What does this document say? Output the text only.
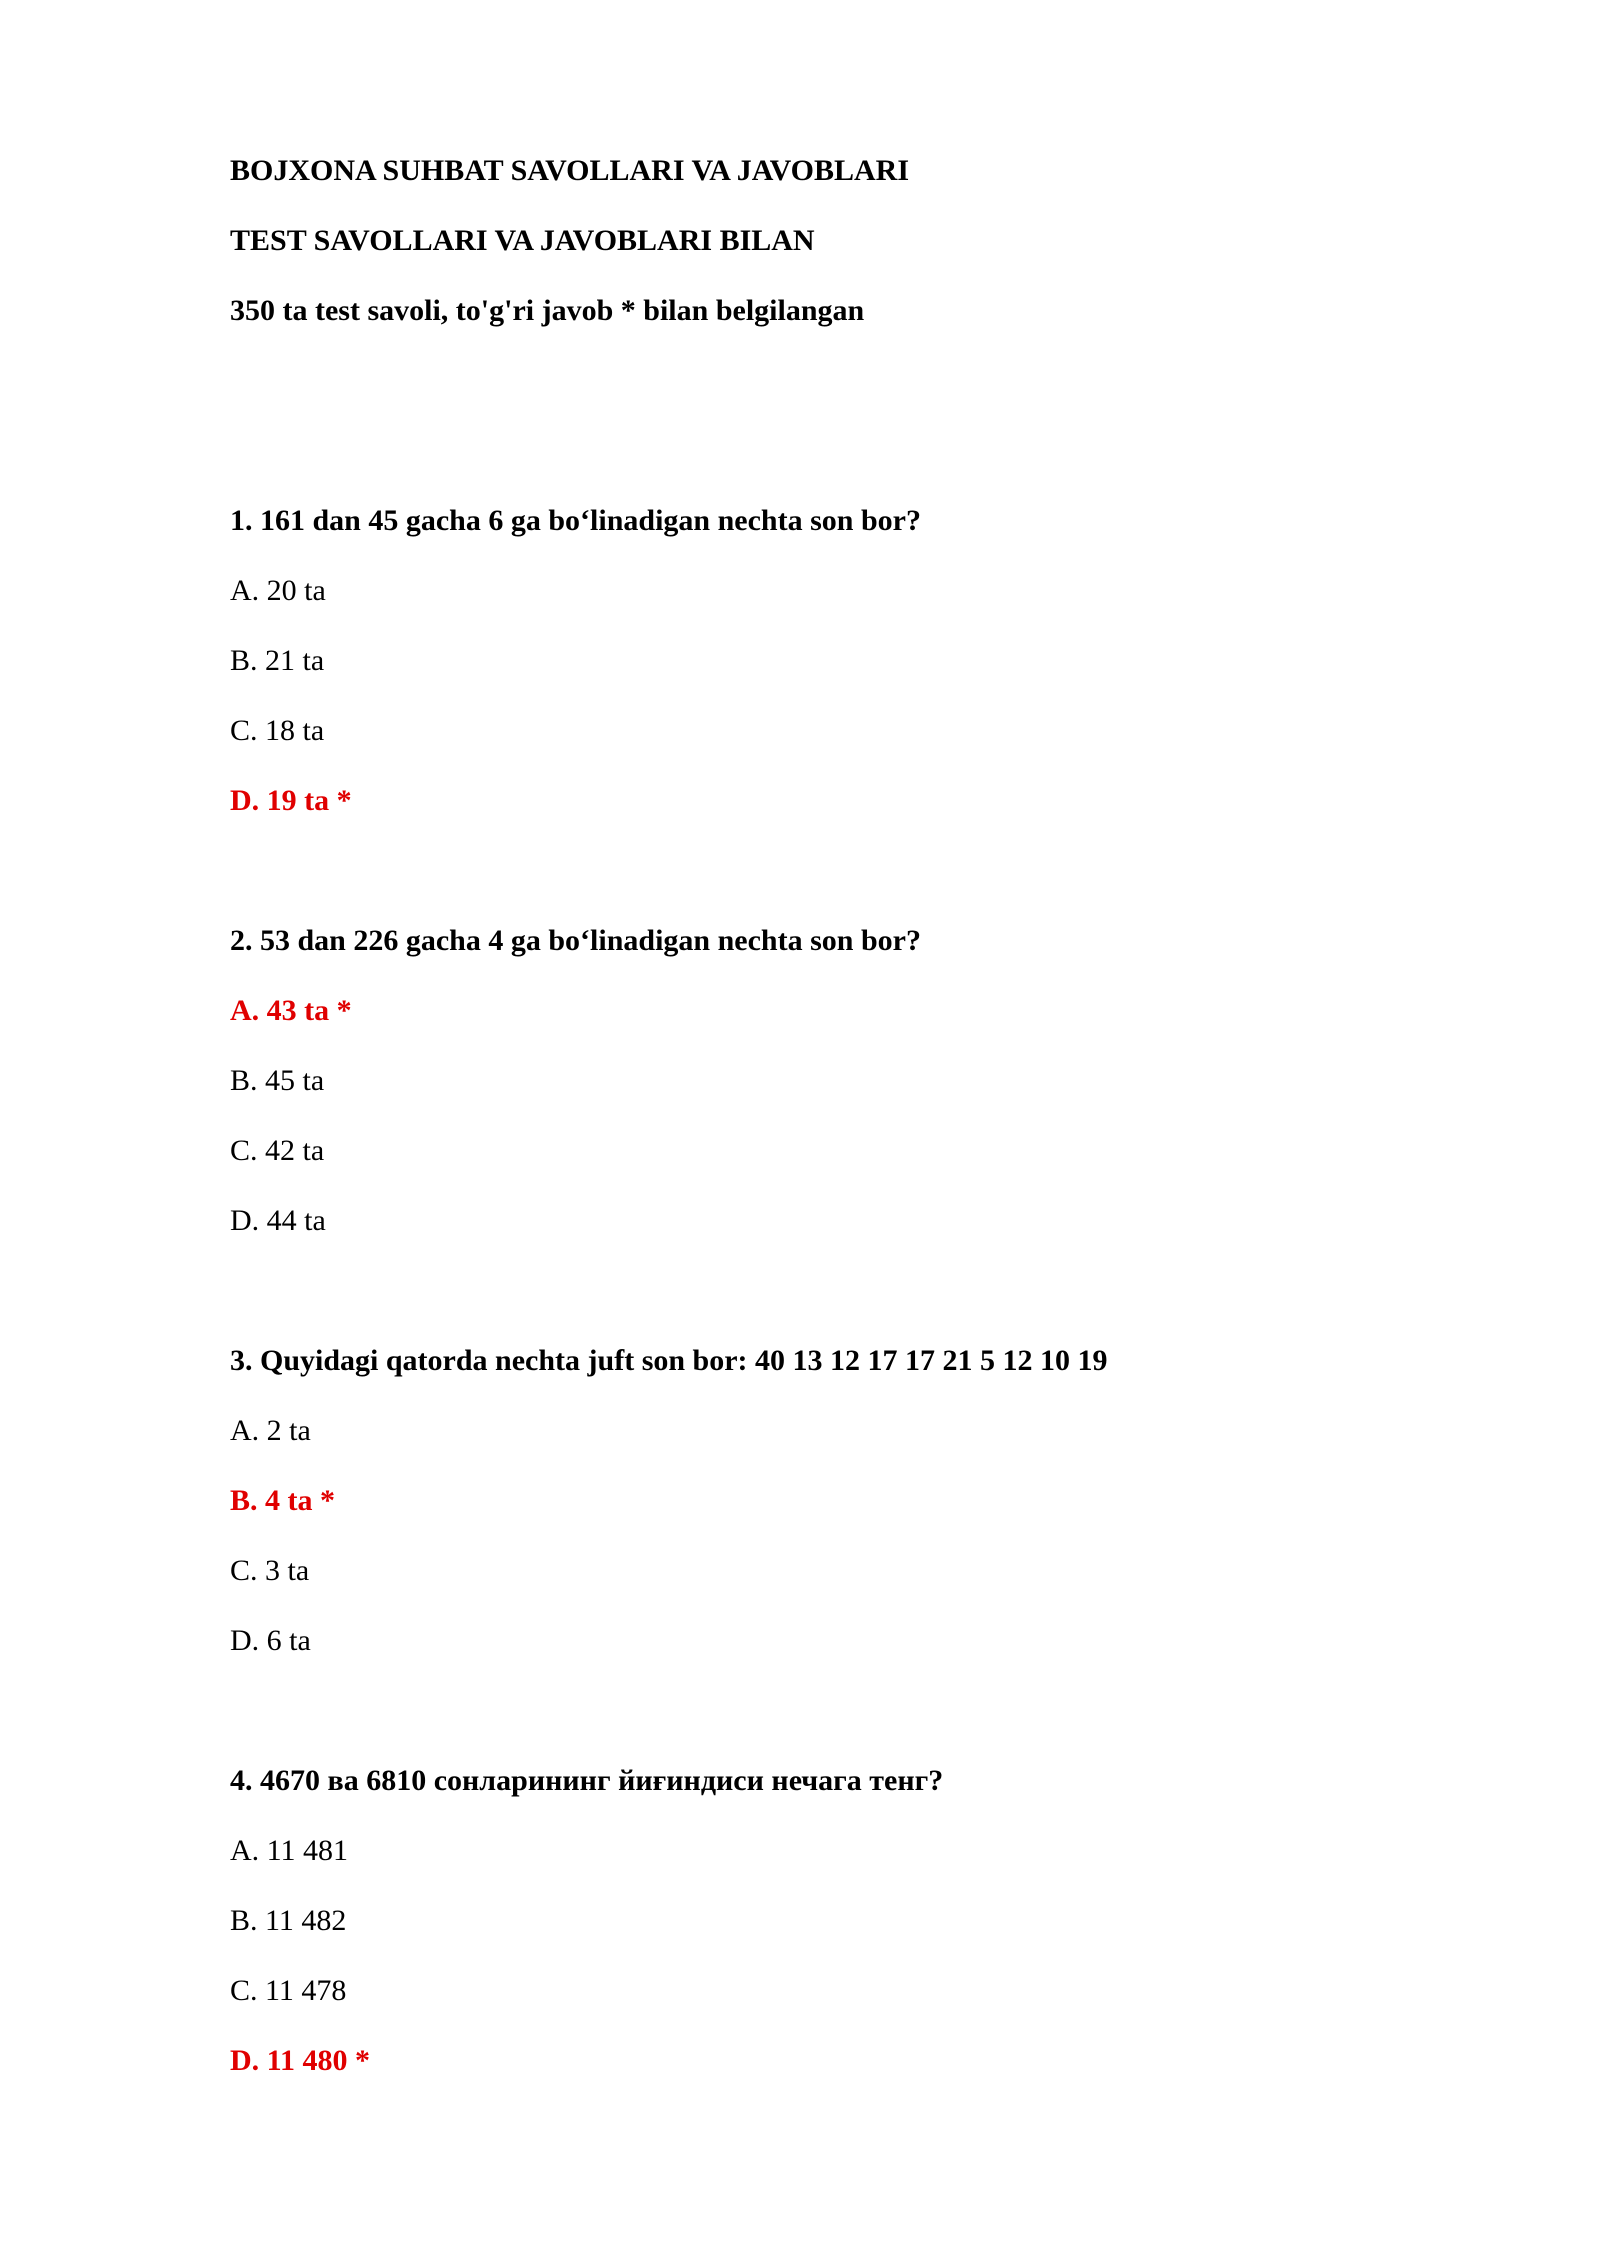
BOJXONA SUHBAT SAVOLLARI VA JAVOBLARI
TEST SAVOLLARI VA JAVOBLARI BILAN
350 ta test savoli, to'g'ri javob * bilan belgilangan
1. 161 dan 45 gacha 6 ga bo‘linadigan nechta son bor?
A. 20 ta
B. 21 ta
C. 18 ta
D. 19 ta *
2. 53 dan 226 gacha 4 ga bo‘linadigan nechta son bor?
A. 43 ta *
B. 45 ta
C. 42 ta
D. 44 ta
3. Quyidagi qatorda nechta juft son bor: 40 13 12 17 17 21 5 12 10 19
A. 2 ta
B. 4 ta *
C. 3 ta
D. 6 ta
4. 4670 ва 6810 сонларининг йиғиндиси нечага тенг?
A. 11 481
B. 11 482
C. 11 478
D. 11 480 *
